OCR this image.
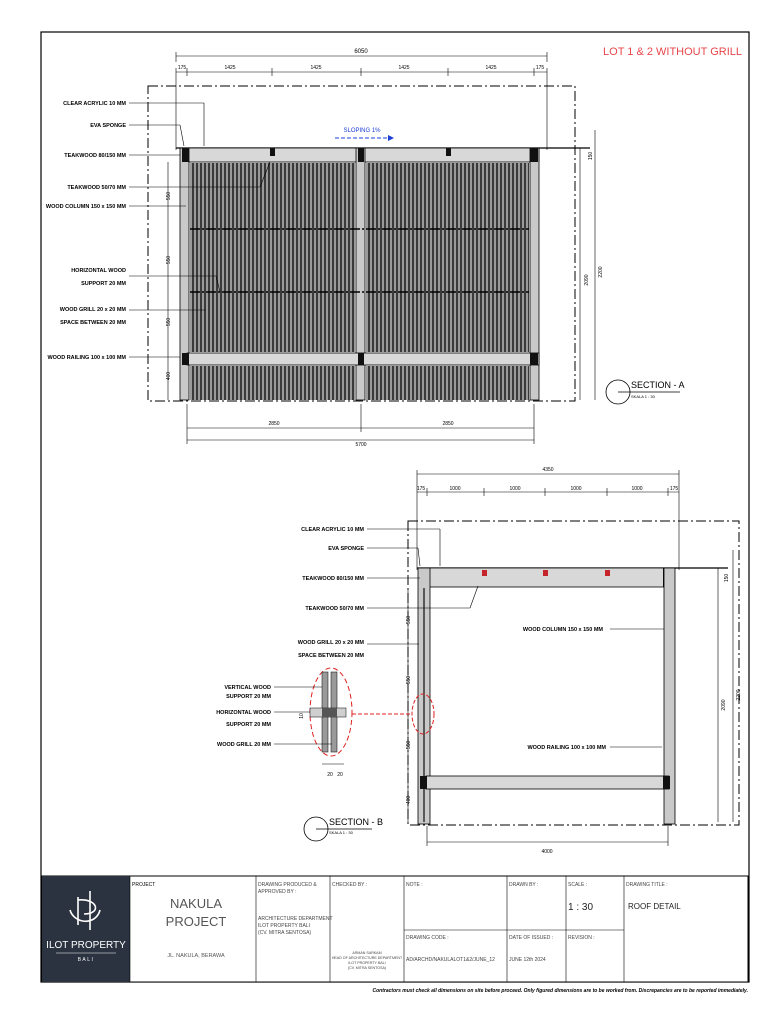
LOT 1 & 2 WITHOUT GRILL
6050
175	1425	1425	1425	1425	175
SLOPING 1%
550
550
550
400
150
2090
2200
2850	2850
5700
CLEAR ACRYLIC 10 MM
EVA SPONGE
TEAKWOOD 80/150 MM
TEAKWOOD 50/70 MM
WOOD COLUMN 150 x 150 MM
HORIZONTAL WOOD
SUPPORT 20 MM
WOOD GRILL 20 x 20 MM
SPACE BETWEEN 20 MM
WOOD RAILING 100 x 100 MM
SECTION - A
SKALA 1 : 30
4350
175	1000	1000	1000	1000	175
550
550
550
400
150
2090
2200
4000
20 20
10
CLEAR ACRYLIC 10 MM
EVA SPONGE
TEAKWOOD 80/150 MM
TEAKWOOD 50/70 MM
WOOD GRILL 20 x 20 MM
SPACE BETWEEN 20 MM
VERTICAL WOOD
SUPPORT 20 MM
HORIZONTAL WOOD
SUPPORT 20 MM
WOOD GRILL 20 MM
WOOD COLUMN 150 x 150 MM
WOOD RAILING 100 x 100 MM
SECTION - B
SKALA 1 : 30
ILOT PROPERTY
BALI
PROJECT
NAKULA
PROJECT
JL. NAKULA, BERAWA
DRAWING PRODUCED &
APPROVED BY :
ARCHITECTURE DEPARTMENT
ILOT PROPERTY BALI
(CV. MITRA SENTOSA)
CHECKED BY :
ARMAN SARKAM
HEAD OF ARCHITECTURE DEPARTMENT
ILOT PROPERTY BALI
(CV. MITRA SENTOSA)
NOTE :
DRAWING CODE :
AD/ARCHD/NAKULALOT1&2/JUNE_12
DRAWN BY :
DATE OF ISSUED :
JUNE 12th 2024
SCALE :
1 : 30
REVISION :
DRAWING TITLE :
ROOF DETAIL
Contractors must check all dimensions on site before proceed. Only figured dimensions are to be worked from. Discrepancies are to be reported immediately.
